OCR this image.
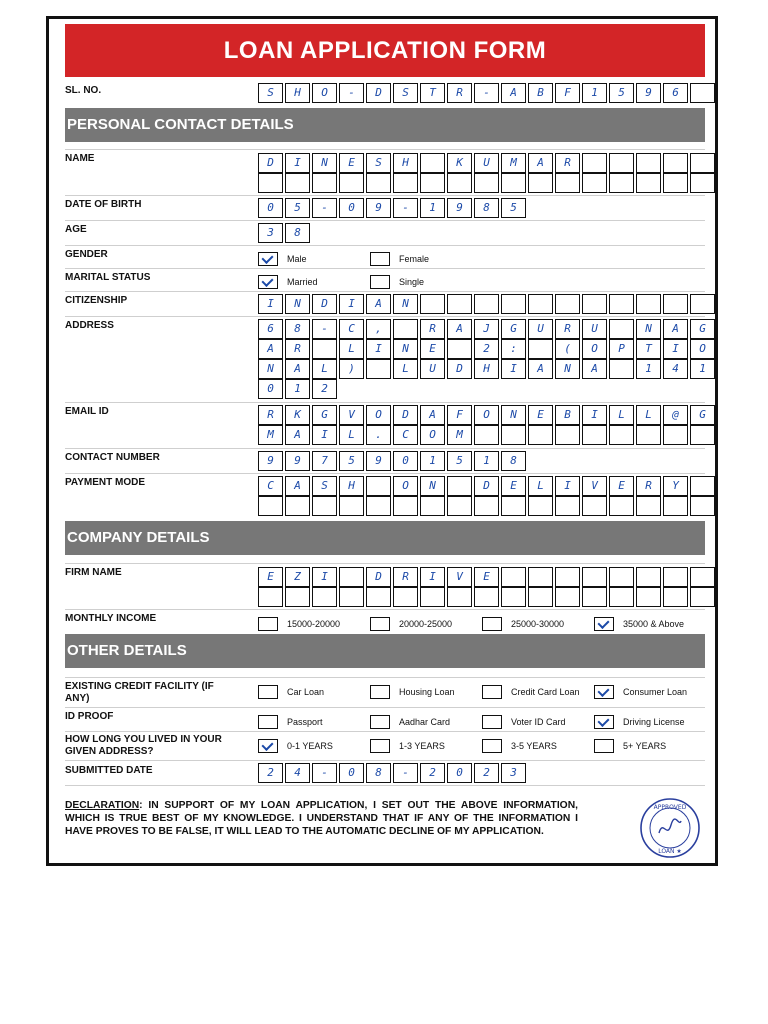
LOAN APPLICATION FORM
SL. NO.	S	H	O	-	D	S	T	R	-	A	B	F	1	5	9	6
PERSONAL CONTACT DETAILS
NAME	D	I	N	E	S	H	K	U	M	A	R
DATE OF BIRTH	0	5	-	0	9	-	1	9	8	5
AGE	3	8
GENDER	Male	Female
MARITAL STATUS	Married	Single
CITIZENSHIP	I	N	D	I	A	N
ADDRESS	6	8	-	C	,	R	A	J	G	U	R	U	N	A	G
A	R	L	I	N	E	2	:	(	O	P	T	I	O
N	A	L	)	L	U	D	H	I	A	N	A	1	4	1
0	1	2
EMAIL ID	R	K	G	V	O	D	A	F	O	N	E	B	I	L	L	@	G
M	A	I	L	.	C	O	M
CONTACT NUMBER	9	9	7	5	9	0	1	5	1	8
PAYMENT MODE	C	A	S	H	O	N	D	E	L	I	V	E	R	Y
COMPANY DETAILS
FIRM NAME	E	Z	I	D	R	I	V	E
MONTHLY INCOME	15000-20000	20000-25000	25000-30000	35000 & Above
OTHER DETAILS
EXISTING CREDIT FACILITY (IF
ANY)
Car Loan	Housing Loan	Credit Card Loan	Consumer Loan
ID PROOF	Passport	Aadhar Card	Voter ID Card	Driving License
HOW LONG YOU LIVED IN YOUR
GIVEN ADDRESS?	0-1 YEARS	1-3 YEARS	3-5 YEARS	5+ YEARS
SUBMITTED DATE	2	4	-	0	8	-	2	0	2	3
DECLARATION: IN SUPPORT OF MY LOAN APPLICATION, I SET OUT THE ABOVE INFORMATION, WHICH IS TRUE BEST OF MY KNOWLEDGE. I UNDERSTAND THAT IF ANY OF THE INFORMATION I HAVE PROVES TO BE FALSE, IT WILL LEAD TO THE AUTOMATIC DECLINE OF MY APPLICATION.
APPROVED
LOAN ★
